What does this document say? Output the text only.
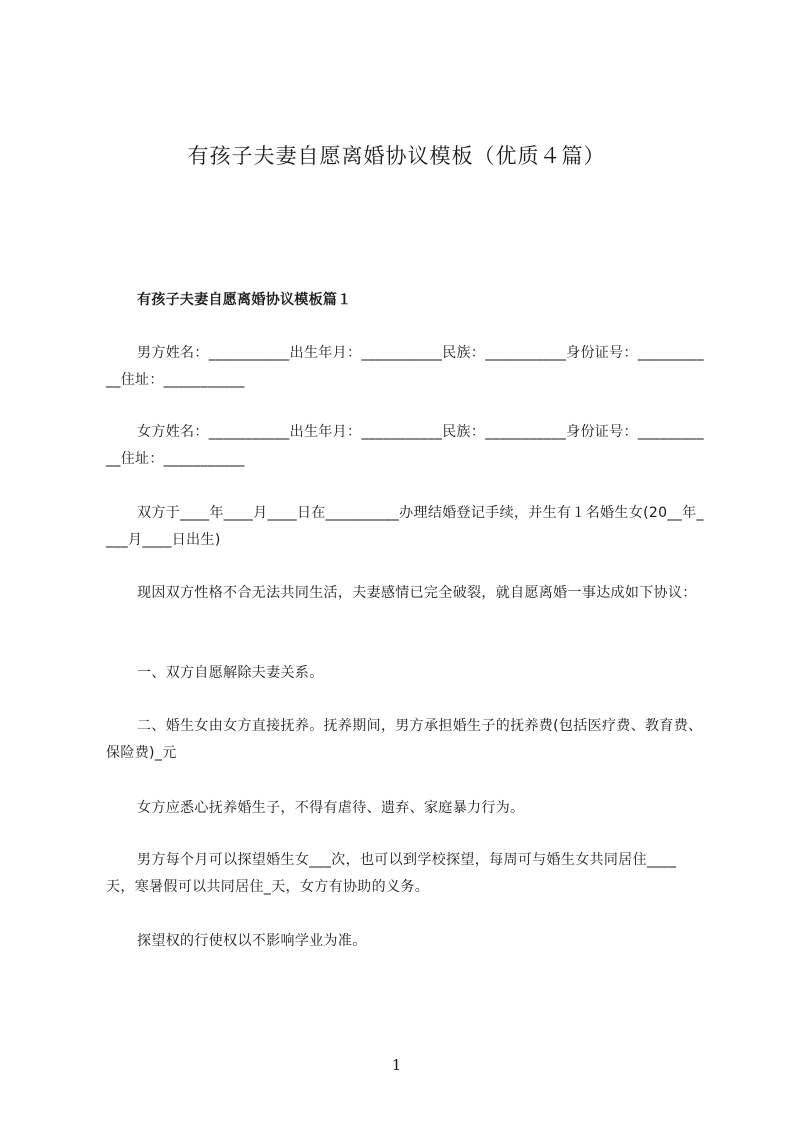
有孩子夫妻自愿离婚协议模板（优质４篇）
有孩子夫妻自愿离婚协议模板篇１
男方姓名：___________出生年月：___________民族：___________身份证号：___________住址：___________
女方姓名：___________出生年月：___________民族：___________身份证号：___________住址：___________
双方于____年____月____日在__________办理结婚登记手续，并生有１名婚生女(20__年____月____日出生)
现因双方性格不合无法共同生活，夫妻感情已完全破裂，就自愿离婚一事达成如下协议：
一、双方自愿解除夫妻关系。
二、婚生女由女方直接抚养。抚养期间，男方承担婚生子的抚养费(包括医疗费、教育费、保险费)_元
女方应悉心抚养婚生子，不得有虐待、遗弃、家庭暴力行为。
男方每个月可以探望婚生女___次，也可以到学校探望，每周可与婚生女共同居住____天，寒暑假可以共同居住_天，女方有协助的义务。
探望权的行使权以不影响学业为准。
1
